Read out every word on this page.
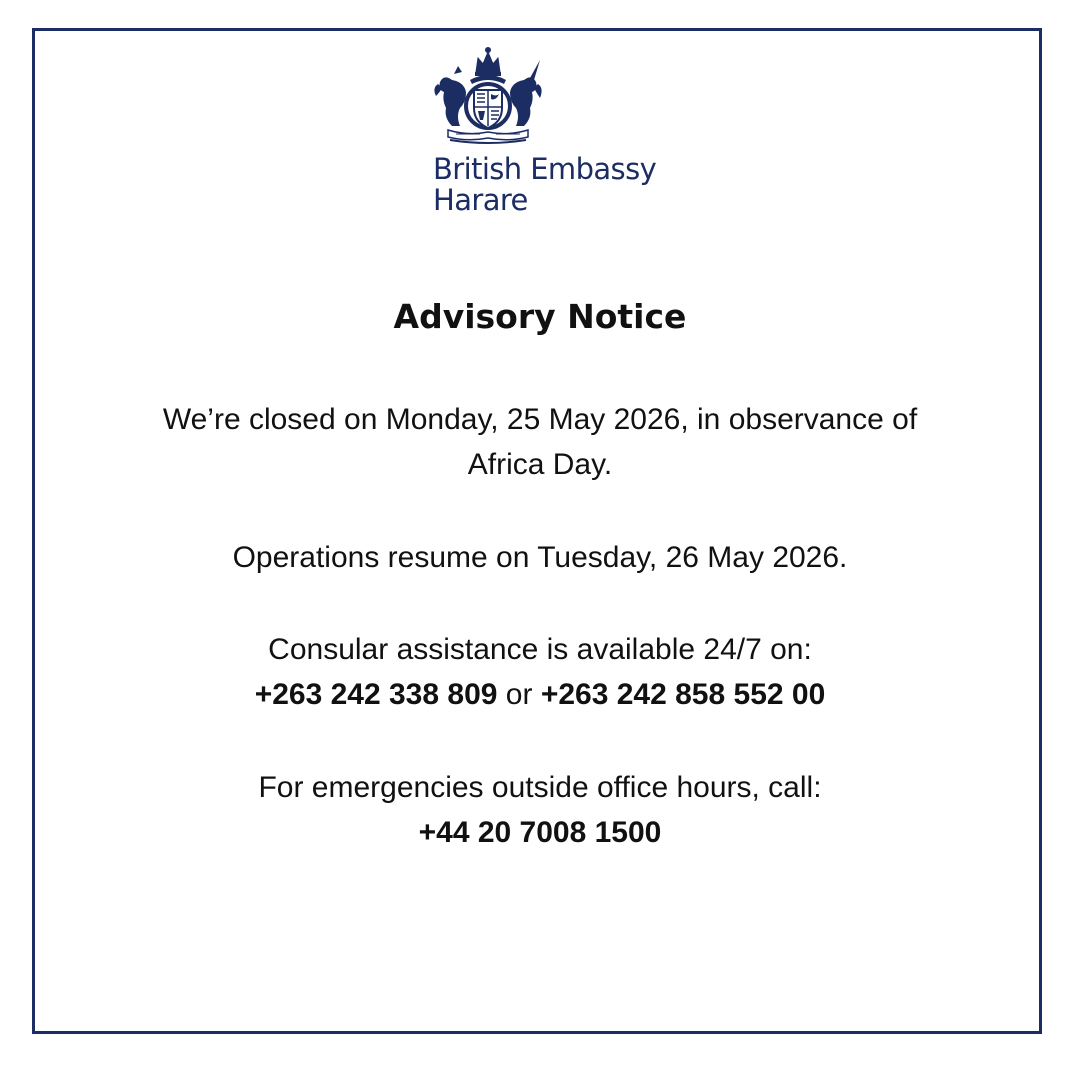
British Embassy
Harare
Advisory Notice
We’re closed on Monday, 25 May 2026, in observance of
Africa Day.
Operations resume on Tuesday, 26 May 2026.
Consular assistance is available 24/7 on:
+263 242 338 809 or +263 242 858 552 00
For emergencies outside office hours, call:
+44 20 7008 1500
